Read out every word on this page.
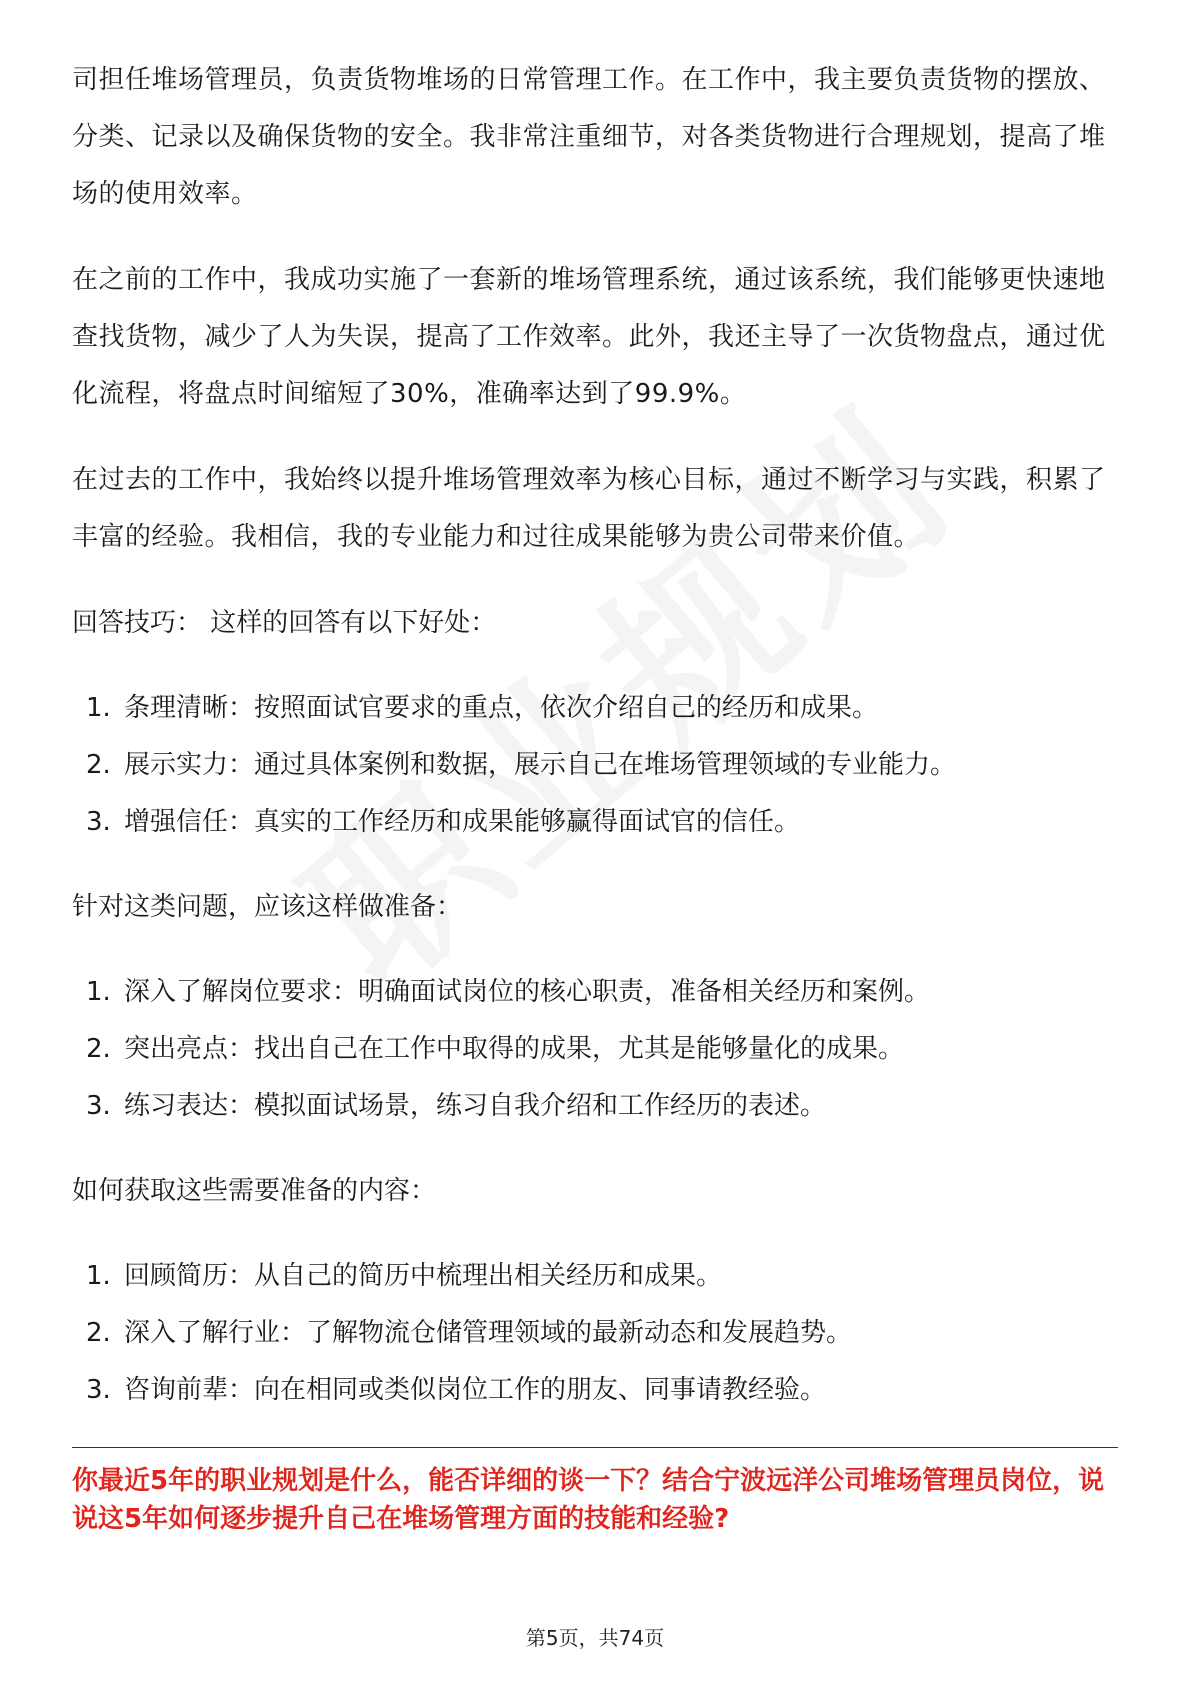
司担任堆场管理员，负责货物堆场的日常管理工作。在工作中，我主要负责货物的摆放、分类、记录以及确保货物的安全。我非常注重细节，对各类货物进行合理规划，提高了堆场的使用效率。

在之前的工作中，我成功实施了一套新的堆场管理系统，通过该系统，我们能够更快速地查找货物，减少了人为失误，提高了工作效率。此外，我还主导了一次货物盘点，通过优化流程，将盘点时间缩短了30%，准确率达到了99.9%。

在过去的工作中，我始终以提升堆场管理效率为核心目标，通过不断学习与实践，积累了丰富的经验。我相信，我的专业能力和过往成果能够为贵公司带来价值。

回答技巧： 这样的回答有以下好处：

1. 条理清晰：按照面试官要求的重点，依次介绍自己的经历和成果。
2. 展示实力：通过具体案例和数据，展示自己在堆场管理领域的专业能力。
3. 增强信任：真实的工作经历和成果能够赢得面试官的信任。

针对这类问题，应该这样做准备：

1. 深入了解岗位要求：明确面试岗位的核心职责，准备相关经历和案例。
2. 突出亮点：找出自己在工作中取得的成果，尤其是能够量化的成果。
3. 练习表达：模拟面试场景，练习自我介绍和工作经历的表述。

如何获取这些需要准备的内容：

1. 回顾简历：从自己的简历中梳理出相关经历和成果。
2. 深入了解行业：了解物流仓储管理领域的最新动态和发展趋势。
3. 咨询前辈：向在相同或类似岗位工作的朋友、同事请教经验。

你最近5年的职业规划是什么，能否详细的谈一下？结合宁波远洋公司堆场管理员岗位，说说这5年如何逐步提升自己在堆场管理方面的技能和经验?

第5页，共74页
